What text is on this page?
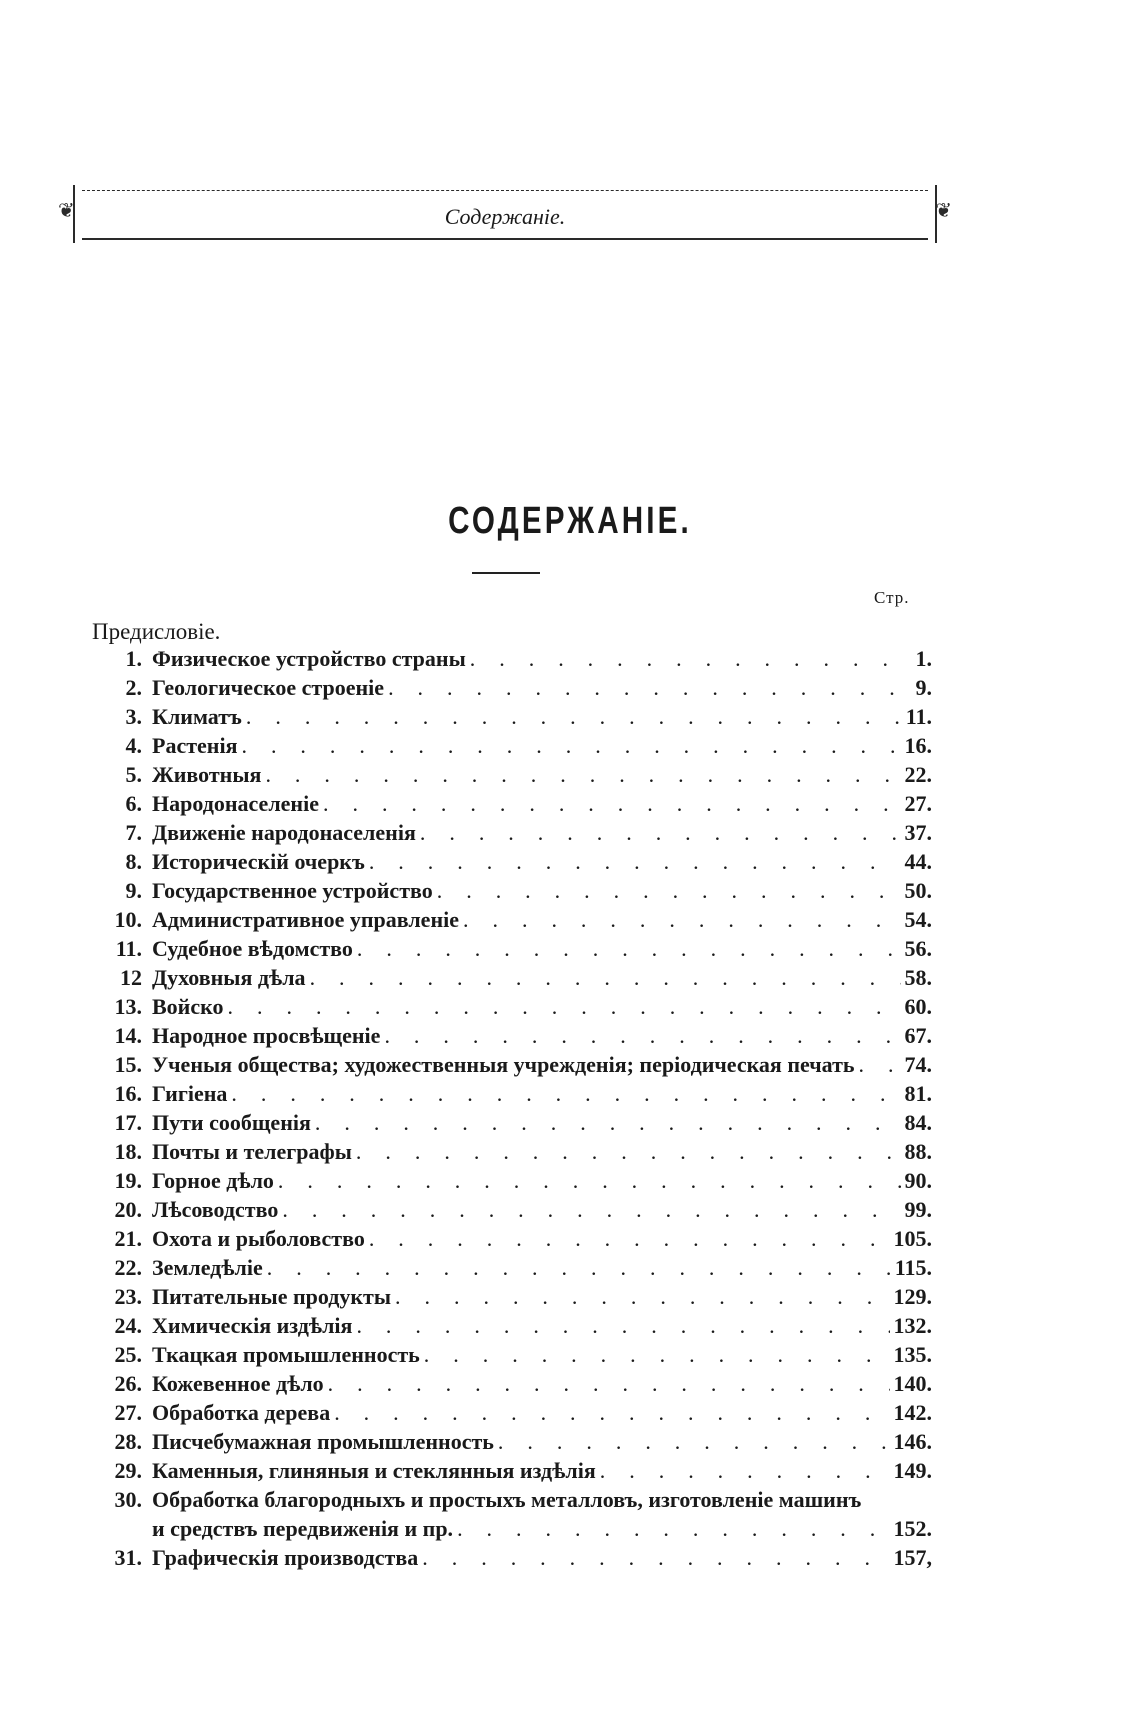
❦	❦
Содержанiе.
СОДЕРЖАНIЕ.
Стр.
Предисловiе.
1. Физическое устройство страны . . .	1.
2. Геологическое строенiе . . .	9.
3. Климатъ . . .	11.
4. Растенiя . . .	16.
5. Животныя . . .	22.
6. Народонаселенiе . . .	27.
7. Движенiе народонаселенiя . . .	37.
8. Историческiй очеркъ . . .	44.
9. Государственное устройство . . .	50.
10. Административное управленiе . . .	54.
11. Судебное вѣдомство . . .	56.
12 Духовныя дѣла . . .	58.
13. Войско . . .	60.
14. Народное просвѣщенiе . . .	67.
15. Ученыя общества; художественныя учрежденiя; перiодическая печать . . . 74.
16. Гигiена . . .	81.
17. Пути сообщенiя . . .	84.
18. Почты и телеграфы . . .	88.
19. Горное дѣло . . .	90.
20. Лѣсоводство . . .	99.
21. Охота и рыболовство . . .	105.
22. Земледѣлiе . . .	115.
23. Питательные продукты . . .	129.
24. Химическiя издѣлiя . . .	132.
25. Ткацкая промышленность . . .	135.
26. Кожевенное дѣло . . .	140.
27. Обработка дерева . . .	142.
28. Писчебумажная промышленность . . .	146.
29. Каменныя, глиняныя и стеклянныя издѣлiя . . .	149.
30. Обработка благородныхъ и простыхъ металловъ, изготовленiе машинъ
и средствъ передвиженiя и пр. . . .	152.
31. Графическiя производства . . .	157,
